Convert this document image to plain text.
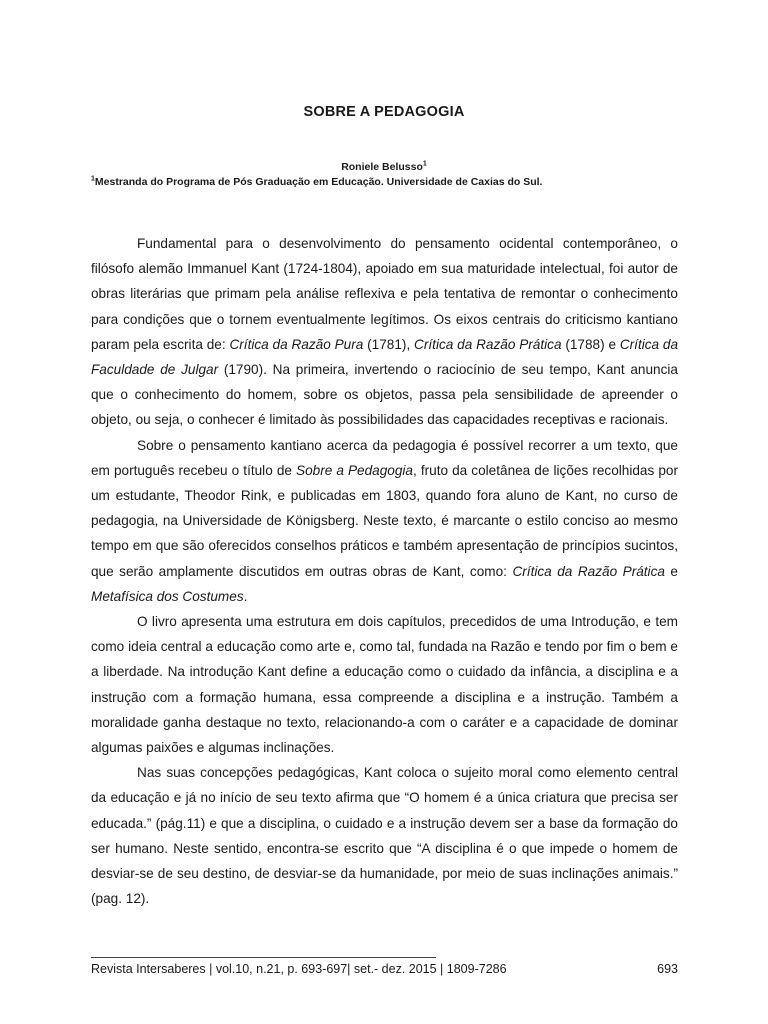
SOBRE A PEDAGOGIA
Roniele Belusso$^1$
$^1$Mestranda do Programa de Pós Graduação em Educação. Universidade de Caxias do Sul.

Fundamental para o desenvolvimento do pensamento ocidental contemporâneo, o filósofo alemão Immanuel Kant (1724-1804), apoiado em sua maturidade intelectual, foi autor de obras literárias que primam pela análise reflexiva e pela tentativa de remontar o conhecimento para condições que o tornem eventualmente legítimos. Os eixos centrais do criticismo kantiano param pela escrita de: Crítica da Razão Pura (1781), Crítica da Razão Prática (1788) e Crítica da Faculdade de Julgar (1790). Na primeira, invertendo o raciocínio de seu tempo, Kant anuncia que o conhecimento do homem, sobre os objetos, passa pela sensibilidade de apreender o objeto, ou seja, o conhecer é limitado às possibilidades das capacidades receptivas e racionais.

Sobre o pensamento kantiano acerca da pedagogia é possível recorrer a um texto, que em português recebeu o título de Sobre a Pedagogia, fruto da coletânea de lições recolhidas por um estudante, Theodor Rink, e publicadas em 1803, quando fora aluno de Kant, no curso de pedagogia, na Universidade de Königsberg. Neste texto, é marcante o estilo conciso ao mesmo tempo em que são oferecidos conselhos práticos e também apresentação de princípios sucintos, que serão amplamente discutidos em outras obras de Kant, como: Crítica da Razão Prática e Metafísica dos Costumes.

O livro apresenta uma estrutura em dois capítulos, precedidos de uma Introdução, e tem como ideia central a educação como arte e, como tal, fundada na Razão e tendo por fim o bem e a liberdade. Na introdução Kant define a educação como o cuidado da infância, a disciplina e a instrução com a formação humana, essa compreende a disciplina e a instrução. Também a moralidade ganha destaque no texto, relacionando-a com o caráter e a capacidade de dominar algumas paixões e algumas inclinações.

Nas suas concepções pedagógicas, Kant coloca o sujeito moral como elemento central da educação e já no início de seu texto afirma que “O homem é a única criatura que precisa ser educada.” (pág.11) e que a disciplina, o cuidado e a instrução devem ser a base da formação do ser humano. Neste sentido, encontra-se escrito que “A disciplina é o que impede o homem de desviar-se de seu destino, de desviar-se da humanidade, por meio de suas inclinações animais.” (pag. 12).

Revista Intersaberes | vol.10, n.21, p. 693-697| set.- dez. 2015 | 1809-7286	693
